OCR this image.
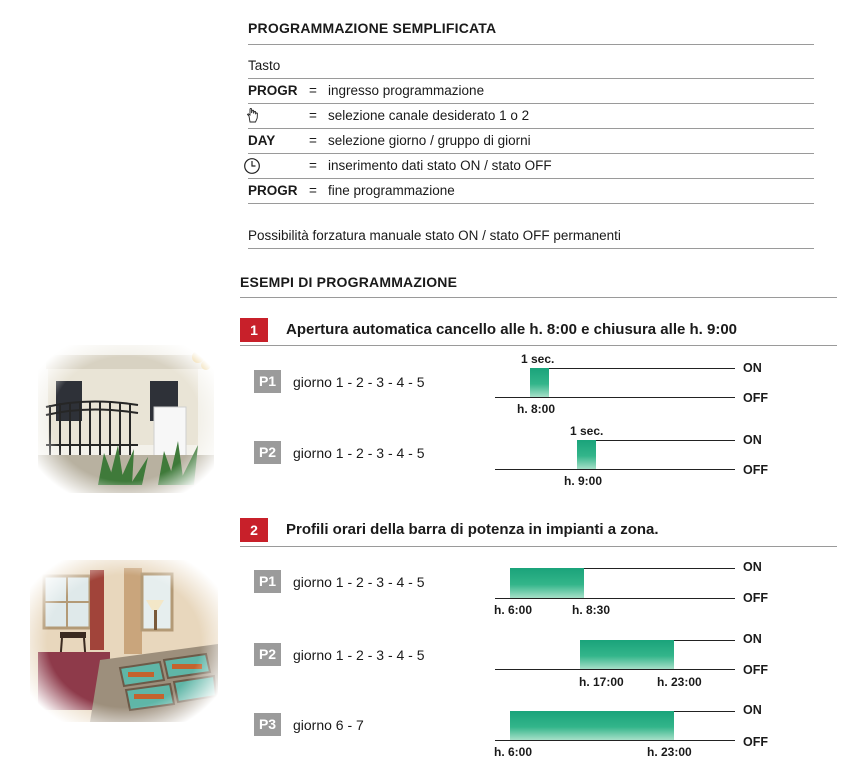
PROGRAMMAZIONE SEMPLIFICATA
Tasto
PROGR = ingresso programmazione
= selezione canale desiderato 1 o 2
DAY = selezione giorno / gruppo di giorni
= inserimento dati stato ON / stato OFF
PROGR = fine programmazione
Possibilità forzatura manuale stato ON / stato OFF permanenti
ESEMPI DI PROGRAMMAZIONE
1	Apertura automatica cancello alle h. 8:00 e chiusura alle h. 9:00
P1	giorno 1 - 2 - 3 - 4 - 5
1 sec.
ON
OFF
h. 8:00
P2	giorno 1 - 2 - 3 - 4 - 5
1 sec.
ON
OFF
h. 9:00
2	Profili orari della barra di potenza in impianti a zona.
P1	giorno 1 - 2 - 3 - 4 - 5
ON
OFF
h. 6:00	h. 8:30
P2	giorno 1 - 2 - 3 - 4 - 5
ON
OFF
h. 17:00	h. 23:00
P3	giorno 6 - 7
ON
OFF
h. 6:00	h. 23:00
